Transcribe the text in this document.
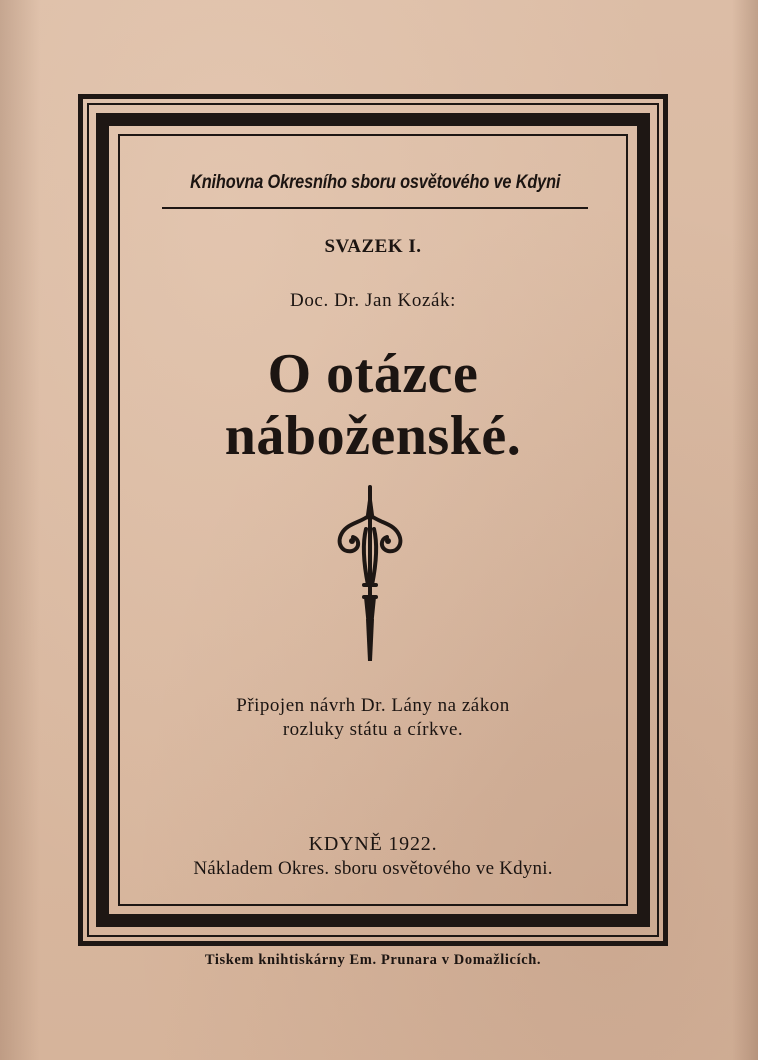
Knihovna Okresního sboru osvětového ve Kdyni
SVAZEK I.
Doc. Dr. Jan Kozák:
O otázce
náboženské.
Připojen návrh Dr. Lány na zákon
rozluky státu a církve.
KDYNĚ 1922.
Nákladem Okres. sboru osvětového ve Kdyni.
Tiskem knihtiskárny Em. Prunara v Domažlicích.
